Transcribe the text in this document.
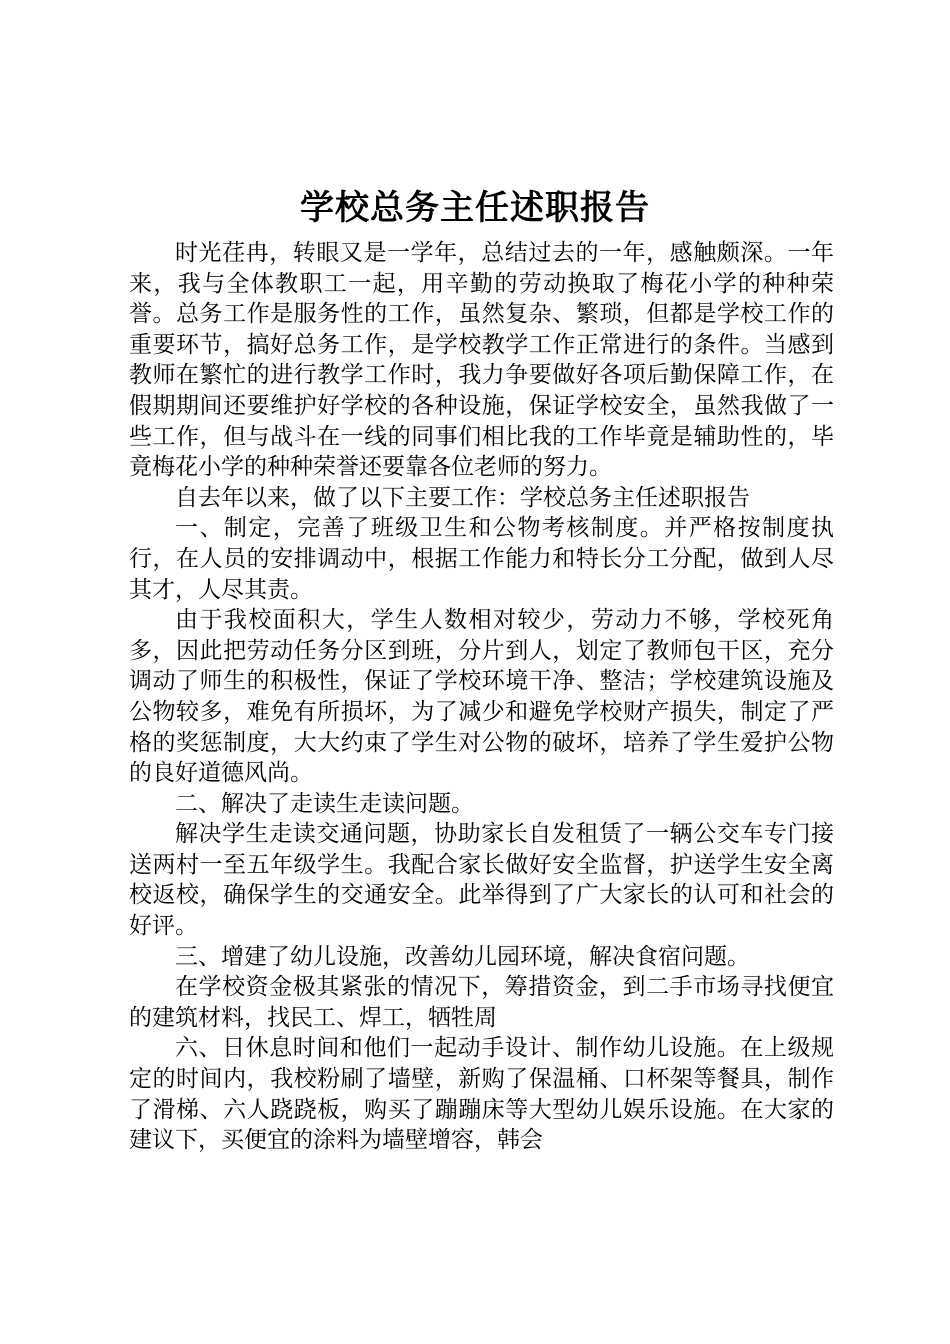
学校总务主任述职报告

时光荏冉，转眼又是一学年，总结过去的一年，感触颇深。一年来，我与全体教职工一起，用辛勤的劳动换取了梅花小学的种种荣誉。总务工作是服务性的工作，虽然复杂、繁琐，但都是学校工作的重要环节，搞好总务工作，是学校教学工作正常进行的条件。当感到教师在繁忙的进行教学工作时，我力争要做好各项后勤保障工作，在假期期间还要维护好学校的各种设施，保证学校安全，虽然我做了一些工作，但与战斗在一线的同事们相比我的工作毕竟是辅助性的，毕竟梅花小学的种种荣誉还要靠各位老师的努力。

自去年以来，做了以下主要工作：学校总务主任述职报告

一、制定，完善了班级卫生和公物考核制度。并严格按制度执行，在人员的安排调动中，根据工作能力和特长分工分配，做到人尽其才，人尽其责。

由于我校面积大，学生人数相对较少，劳动力不够，学校死角多，因此把劳动任务分区到班，分片到人，划定了教师包干区，充分调动了师生的积极性，保证了学校环境干净、整洁；学校建筑设施及公物较多，难免有所损坏，为了减少和避免学校财产损失，制定了严格的奖惩制度，大大约束了学生对公物的破坏，培养了学生爱护公物的良好道德风尚。

二、解决了走读生走读问题。

解决学生走读交通问题，协助家长自发租赁了一辆公交车专门接送两村一至五年级学生。我配合家长做好安全监督，护送学生安全离校返校，确保学生的交通安全。此举得到了广大家长的认可和社会的好评。

三、增建了幼儿设施，改善幼儿园环境，解决食宿问题。

在学校资金极其紧张的情况下，筹措资金，到二手市场寻找便宜的建筑材料，找民工、焊工，牺牲周

六、日休息时间和他们一起动手设计、制作幼儿设施。在上级规定的时间内，我校粉刷了墙壁，新购了保温桶、口杯架等餐具，制作了滑梯、六人跷跷板，购买了蹦蹦床等大型幼儿娱乐设施。在大家的建议下，买便宜的涂料为墙壁增容，韩会
